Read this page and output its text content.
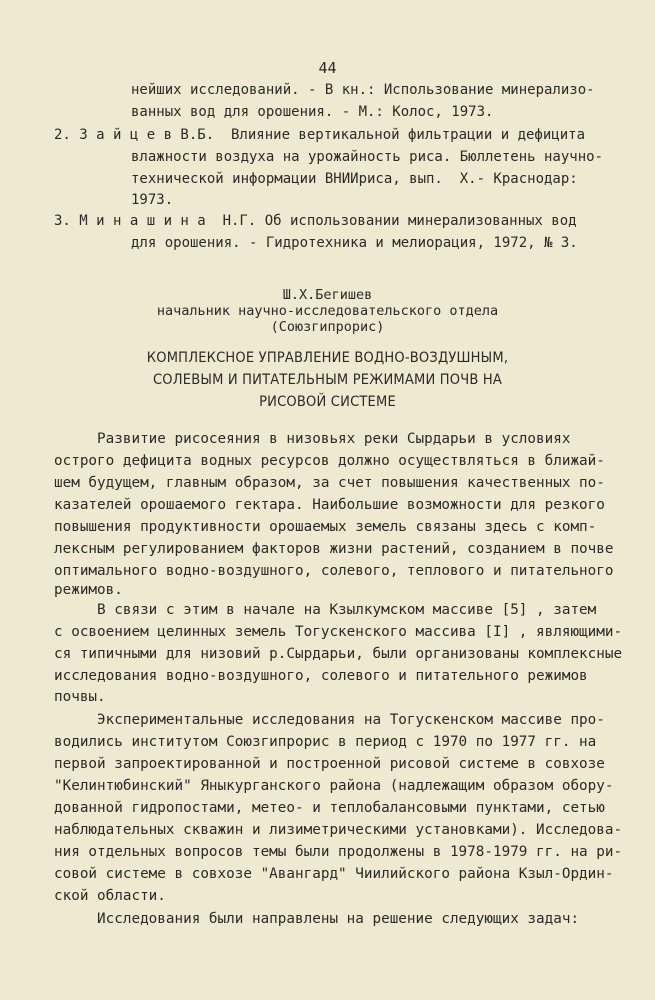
44
нейших исследований. - В кн.: Использование минерализо-
ванных вод для орошения. - М.: Колос, 1973.
2. З а й ц е в В.Б.  Влияние вертикальной фильтрации и дефицита
влажности воздуха на урожайность риса. Бюллетень научно-
технической информации ВНИИриса, вып.  Х.- Краснодар:
1973.
3. М и н а ш и н а  Н.Г. Об использовании минерализованных вод
для орошения. - Гидротехника и мелиорация, 1972, № 3.
Ш.Х.Бегишев
начальник научно-исследовательского отдела
(Союзгипрорис)
КОМПЛЕКСНОЕ УПРАВЛЕНИЕ ВОДНО-ВОЗДУШНЫМ,
СОЛЕВЫМ И ПИТАТЕЛЬНЫМ РЕЖИМАМИ ПОЧВ НА
РИСОВОЙ СИСТЕМЕ
Развитие рисосеяния в низовьях реки Сырдарьи в условиях
острого дефицита водных ресурсов должно осуществляться в ближай-
шем будущем, главным образом, за счет повышения качественных по-
казателей орошаемого гектара. Наибольшие возможности для резкого
повышения продуктивности орошаемых земель связаны здесь с комп-
лексным регулированием факторов жизни растений, созданием в почве
оптимального водно-воздушного, солевого, теплового и питательного
режимов.
В связи с этим в начале на Кзылкумском массиве [5] , затем
с освоением целинных земель Тогускенского массива [I] , являющими-
ся типичными для низовий р.Сырдарьи, были организованы комплексные
исследования водно-воздушного, солевого и питательного режимов
почвы.
Экспериментальные исследования на Тогускенском массиве про-
водились институтом Союзгипрорис в период с 1970 по 1977 гг. на
первой запроектированной и построенной рисовой системе в совхозе
"Келинтюбинский" Яныкурганского района (надлежащим образом обору-
дованной гидропостами, метео- и теплобалансовыми пунктами, сетью
наблюдательных скважин и лизиметрическими установками). Исследова-
ния отдельных вопросов темы были продолжены в 1978-1979 гг. на ри-
совой системе в совхозе "Авангард" Чиилийского района Кзыл-Ордин-
ской области.
Исследования были направлены на решение следующих задач:
